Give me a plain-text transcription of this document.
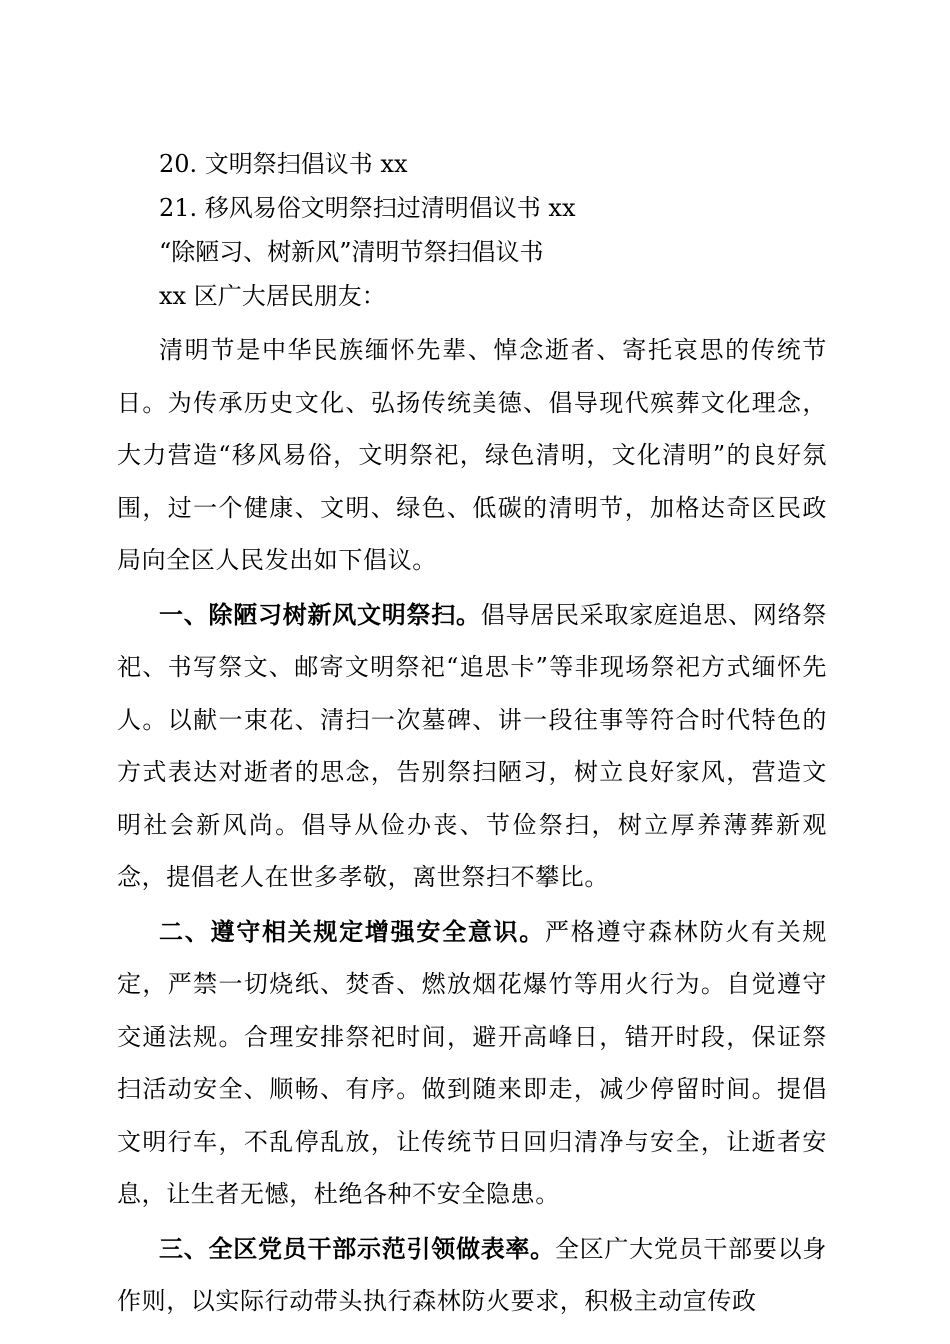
20. 文明祭扫倡议书 xx

21. 移风易俗文明祭扫过清明倡议书 xx

“除陋习、树新风”清明节祭扫倡议书

xx 区广大居民朋友：

清明节是中华民族缅怀先辈、悼念逝者、寄托哀思的传统节日。为传承历史文化、弘扬传统美德、倡导现代殡葬文化理念，大力营造“移风易俗，文明祭祀，绿色清明，文化清明”的良好氛围，过一个健康、文明、绿色、低碳的清明节，加格达奇区民政局向全区人民发出如下倡议。

一、除陋习树新风文明祭扫。倡导居民采取家庭追思、网络祭祀、书写祭文、邮寄文明祭祀“追思卡”等非现场祭祀方式缅怀先人。以献一束花、清扫一次墓碑、讲一段往事等符合时代特色的方式表达对逝者的思念，告别祭扫陋习，树立良好家风，营造文明社会新风尚。倡导从俭办丧、节俭祭扫，树立厚养薄葬新观念，提倡老人在世多孝敬，离世祭扫不攀比。

二、遵守相关规定增强安全意识。严格遵守森林防火有关规定，严禁一切烧纸、焚香、燃放烟花爆竹等用火行为。自觉遵守交通法规。合理安排祭祀时间，避开高峰日，错开时段，保证祭扫活动安全、顺畅、有序。做到随来即走，减少停留时间。提倡文明行车，不乱停乱放，让传统节日回归清净与安全，让逝者安息，让生者无憾，杜绝各种不安全隐患。

三、全区党员干部示范引领做表率。全区广大党员干部要以身作则，以实际行动带头执行森林防火要求，积极主动宣传政
